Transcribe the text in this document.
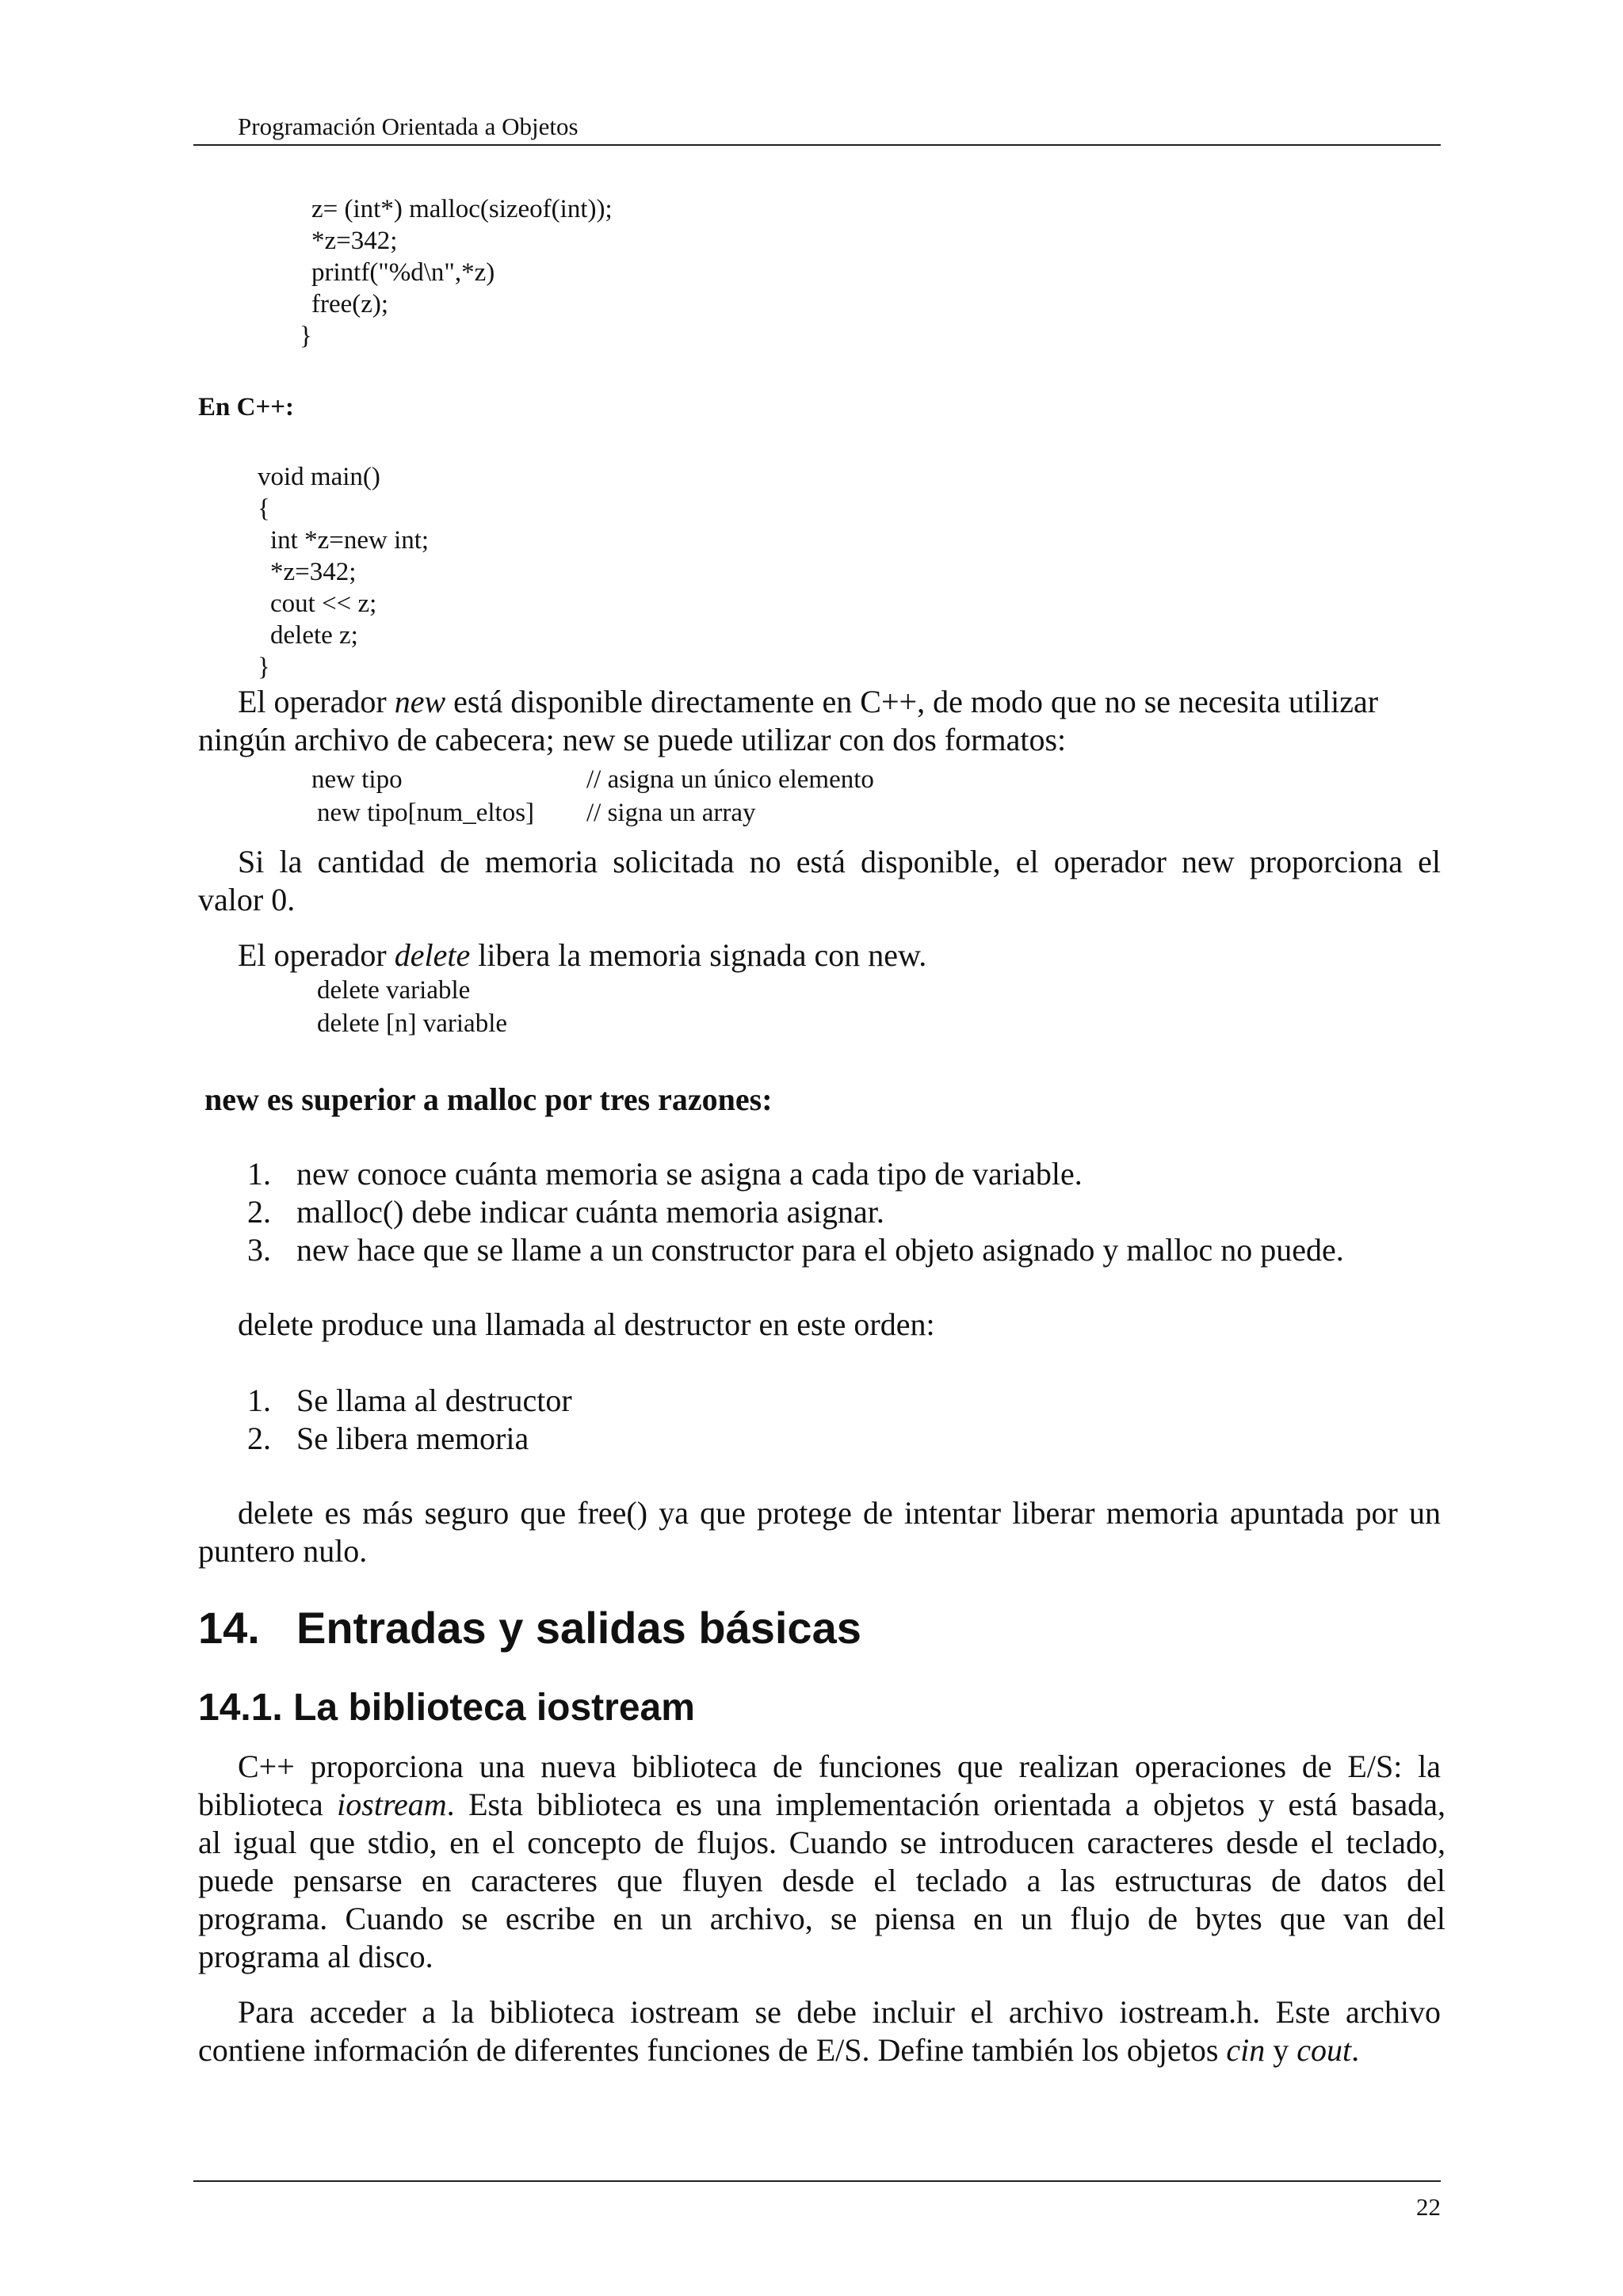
Programación Orientada a Objetos
z= (int*) malloc(sizeof(int));
*z=342;
printf("%d\n",*z)
free(z);
}
En C++:
void main()
{
int *z=new int;
*z=342;
cout << z;
delete z;
}
El operador new está disponible directamente en C++, de modo que no se necesita utilizar
ningún archivo de cabecera; new se puede utilizar con dos formatos:
new tipo	// asigna un único elemento
new tipo[num_eltos] // signa un array
Si la cantidad de memoria solicitada no está disponible, el operador new proporciona el
valor 0.
El operador delete libera la memoria signada con new.
delete variable
delete [n] variable
new es superior a malloc por tres razones:
1. new conoce cuánta memoria se asigna a cada tipo de variable.
2. malloc() debe indicar cuánta memoria asignar.
3. new hace que se llame a un constructor para el objeto asignado y malloc no puede.
delete produce una llamada al destructor en este orden:
1. Se llama al destructor
2. Se libera memoria
delete es más seguro que free() ya que protege de intentar liberar memoria apuntada por un
puntero nulo.
14. Entradas y salidas básicas
14.1. La biblioteca iostream
C++ proporciona una nueva biblioteca de funciones que realizan operaciones de E/S: la
biblioteca iostream. Esta biblioteca es una implementación orientada a objetos y está basada,
al igual que stdio, en el concepto de flujos. Cuando se introducen caracteres desde el teclado,
puede pensarse en caracteres que fluyen desde el teclado a las estructuras de datos del
programa. Cuando se escribe en un archivo, se piensa en un flujo de bytes que van del
programa al disco.
Para acceder a la biblioteca iostream se debe incluir el archivo iostream.h. Este archivo
contiene información de diferentes funciones de E/S. Define también los objetos cin y cout.
22
